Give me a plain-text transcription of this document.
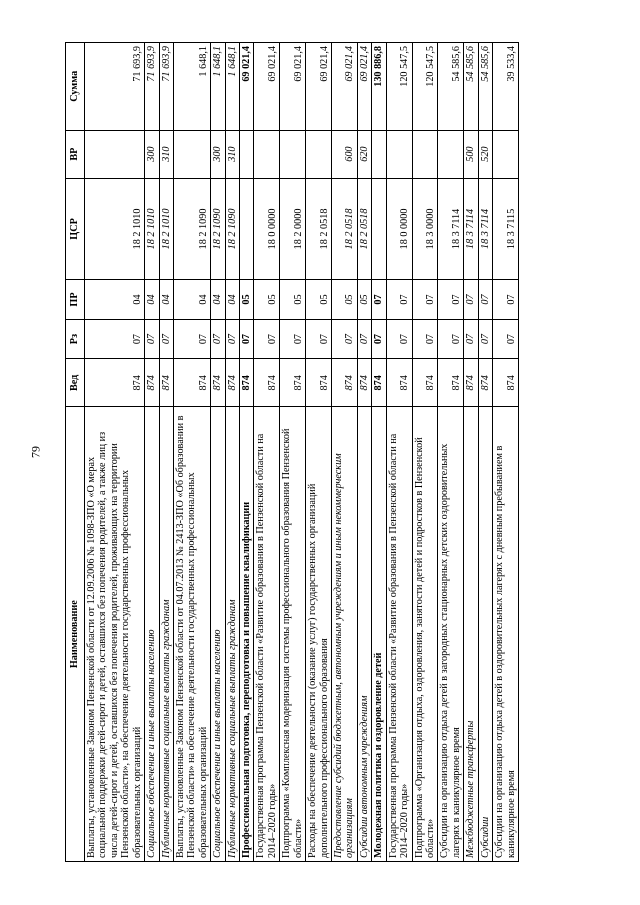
79
Наименование	Вед	Рз	ПР	ЦСР	ВР	Сумма
Выплаты, установленные Законом Пензенской области от 12.09.2006 № 1098-ЗПО «О мерах социальной поддержки детей-сирот и детей, оставшихся без попечения родителей, а также лиц из числа детей-сирот и детей, оставшихся без попечения родителей, проживающих на территории Пензенской области», на обеспечение деятельности государственных профессиональных образовательных организаций	874	07	04	18 2 1010		71 693,9
Социальное обеспечение и иные выплаты населению	874	07	04	18 2 1010	300	71 693,9
Публичные нормативные социальные выплаты гражданам	874	07	04	18 2 1010	310	71 693,9
Выплаты, установленные Законом Пензенской области от 04.07.2013 № 2413-ЗПО «Об образовании в Пензенской области» на обеспечение деятельности государственных профессиональных образовательных организаций	874	07	04	18 2 1090		1 648,1
Социальное обеспечение и иные выплаты населению	874	07	04	18 2 1090	300	1 648,1
Публичные нормативные социальные выплаты гражданам	874	07	04	18 2 1090	310	1 648,1
Профессиональная подготовка, переподготовка и повышение квалификации	874	07	05			69 021,4
Государственная программа Пензенской области «Развитие образования в Пензенской области на 2014–2020 годы»	874	07	05	18 0 0000		69 021,4
Подпрограмма «Комплексная модернизация системы профессионального образования Пензенской области»	874	07	05	18 2 0000		69 021,4
Расходы на обеспечение деятельности (оказание услуг) государственных организаций дополнительного профессионального образования	874	07	05	18 2 0518		69 021,4
Предоставление субсидий бюджетным, автономным учреждениям и иным некоммерческим организациям	874	07	05	18 2 0518	600	69 021,4
Субсидии автономным учреждениям	874	07	05	18 2 0518	620	69 021,4
Молодежная политика и оздоровление детей	874	07	07			130 886,8
Государственная программа Пензенской области «Развитие образования в Пензенской области на 2014–2020 годы»	874	07	07	18 0 0000		120 547,5
Подпрограмма «Организация отдыха, оздоровления, занятости детей и подростков в Пензенской области»	874	07	07	18 3 0000		120 547,5
Субсидии на организацию отдыха детей в загородных стационарных детских оздоровительных лагерях в каникулярное время	874	07	07	18 3 7114		54 585,6
Межбюджетные трансферты	874	07	07	18 3 7114	500	54 585,6
Субсидии	874	07	07	18 3 7114	520	54 585,6
Субсидии на организацию отдыха детей в оздоровительных лагерях с дневным пребыванием в каникулярное время	874	07	07	18 3 7115		39 533,4
